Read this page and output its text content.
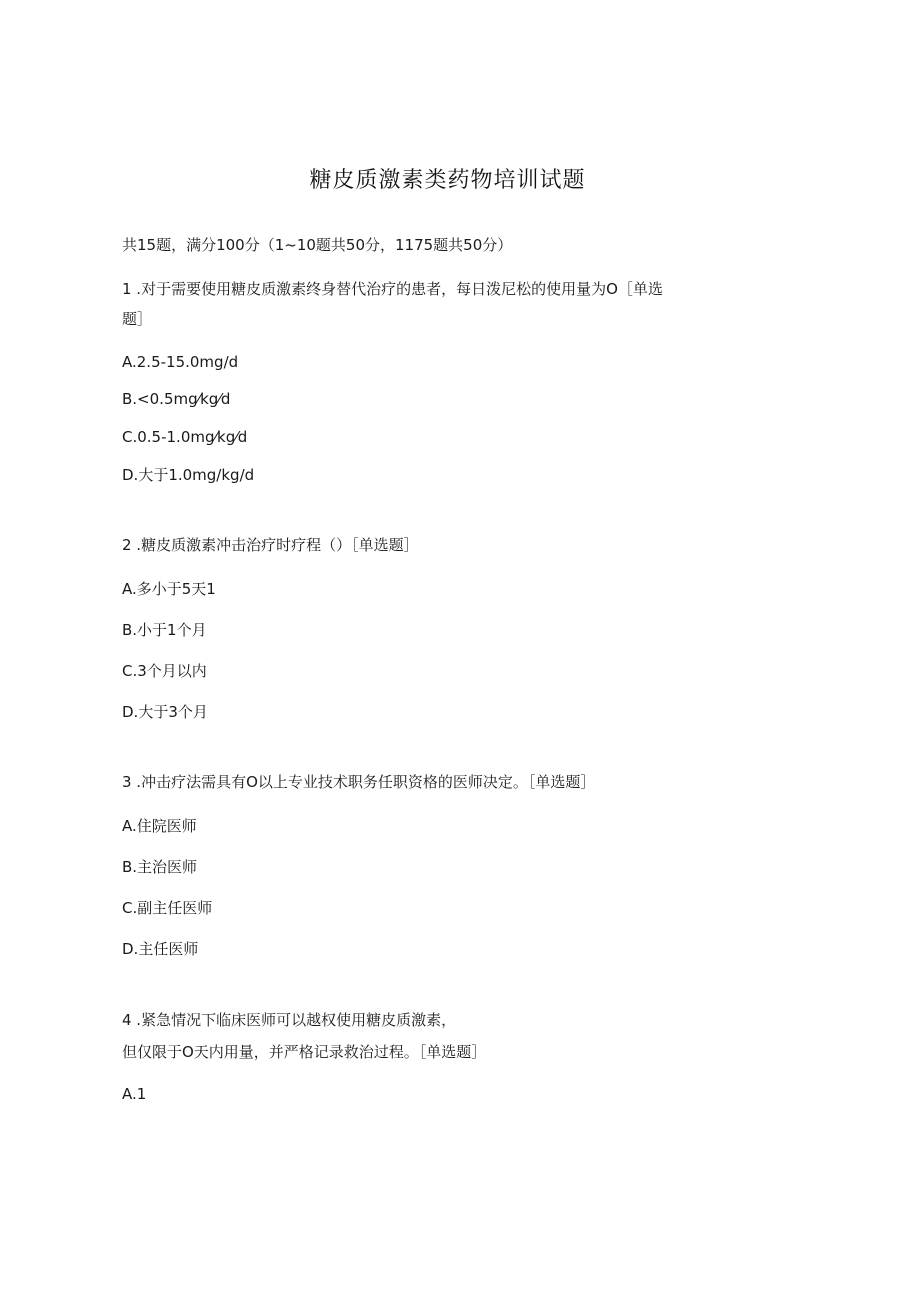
糖皮质激素类药物培训试题
共15题，满分100分（1~10题共50分，1175题共50分）
1 .对于需要使用糖皮质激素终身替代治疗的患者，每日泼尼松的使用量为O［单选
题］
A.2.5-15.0mg/d
B.<0.5mg⁄kg⁄d
C.0.5-1.0mg⁄kg⁄d
D.大于1.0mg/kg/d
2 .糖皮质激素冲击治疗时疗程（）［单选题］
A.多小于5天1
B.小于1个月
C.3个月以内
D.大于3个月
3 .冲击疗法需具有O以上专业技术职务任职资格的医师决定。［单选题］
A.住院医师
B.主治医师
C.副主任医师
D.主任医师
4 .紧急情况下临床医师可以越权使用糖皮质激素，
但仅限于O天内用量，并严格记录救治过程。［单选题］
A.1
